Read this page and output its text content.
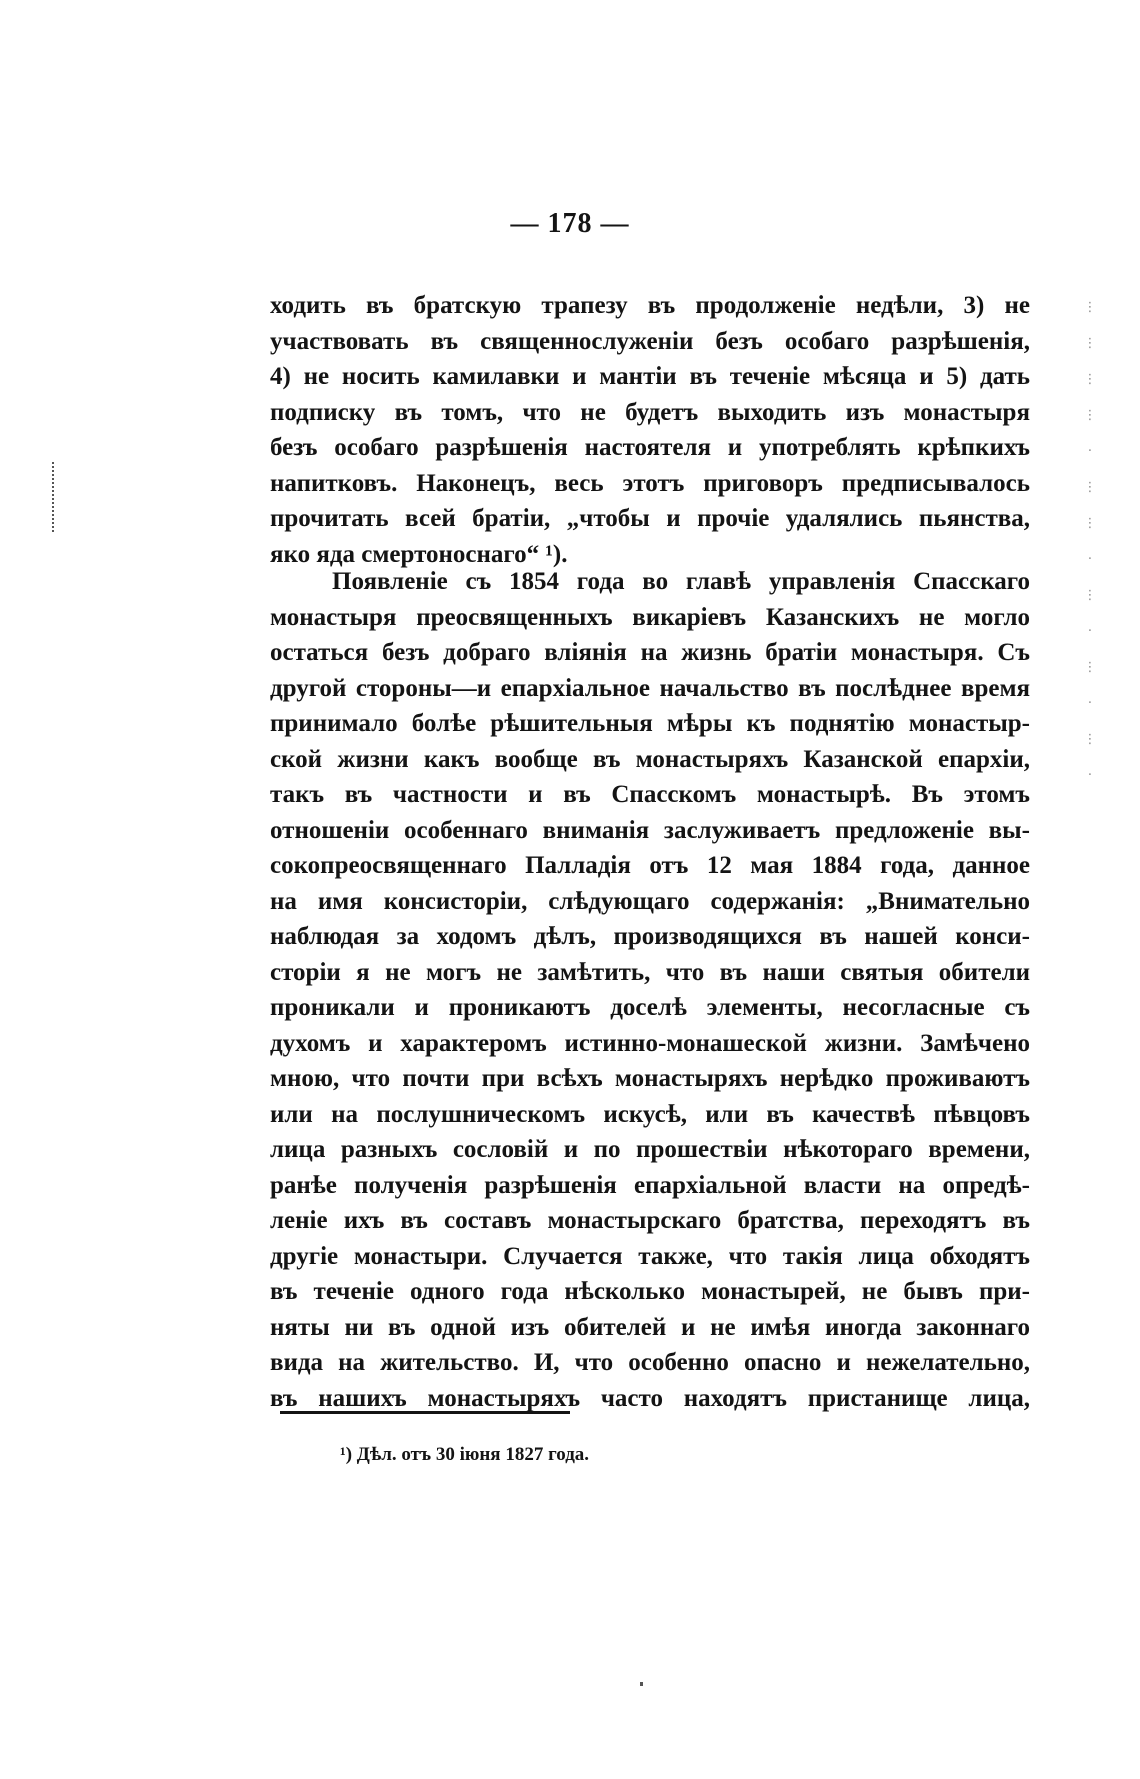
— 178 —
ходить въ братскую трапезу въ продолженіе недѣли, 3) не
участвовать въ священнослуженіи безъ особаго разрѣшенія,
4) не носить камилавки и мантіи въ теченіе мѣсяца и 5) дать
подписку въ томъ, что не будетъ выходить изъ монастыря
безъ особаго разрѣшенія настоятеля и употреблять крѣпкихъ
напитковъ. Наконецъ, весь этотъ приговоръ предписывалось
прочитать всей братіи, „чтобы и прочіе удалялись пьянства,
яко яда смертоноснаго“ ¹).
Появленіе съ 1854 года во главѣ управленія Спасскаго
монастыря преосвященныхъ викаріевъ Казанскихъ не могло
остаться безъ добраго вліянія на жизнь братіи монастыря. Съ
другой стороны—и епархіальное начальство въ послѣднее время
принимало болѣе рѣшительныя мѣры къ поднятію монастыр-
ской жизни какъ вообще въ монастыряхъ Казанской епархіи,
такъ въ частности и въ Спасскомъ монастырѣ. Въ этомъ
отношеніи особеннаго вниманія заслуживаетъ предложеніе вы-
сокопреосвященнаго Палладія отъ 12 мая 1884 года, данное
на имя консисторіи, слѣдующаго содержанія: „Внимательно
наблюдая за ходомъ дѣлъ, производящихся въ нашей конси-
сторіи я не могъ не замѣтить, что въ наши святыя обители
проникали и проникаютъ доселѣ элементы, несогласные съ
духомъ и характеромъ истинно-монашеской жизни. Замѣчено
мною, что почти при всѣхъ монастыряхъ нерѣдко проживаютъ
или на послушническомъ искусѣ, или въ качествѣ пѣвцовъ
лица разныхъ сословій и по прошествіи нѣкотораго времени,
ранѣе полученія разрѣшенія епархіальной власти на опредѣ-
леніе ихъ въ составъ монастырскаго братства, переходятъ въ
другіе монастыри. Случается также, что такія лица обходятъ
въ теченіе одного года нѣсколько монастырей, не бывъ при-
няты ни въ одной изъ обителей и не имѣя иногда законнаго
вида на жительство. И, что особенно опасно и нежелательно,
въ нашихъ монастыряхъ часто находятъ пристанище лица,
¹) Дѣл. отъ 30 іюня 1827 года.
⋮
⋮
⋮
⋮
·
⋮
⋮
·
⋮
·
⋮
·
⋮
·
